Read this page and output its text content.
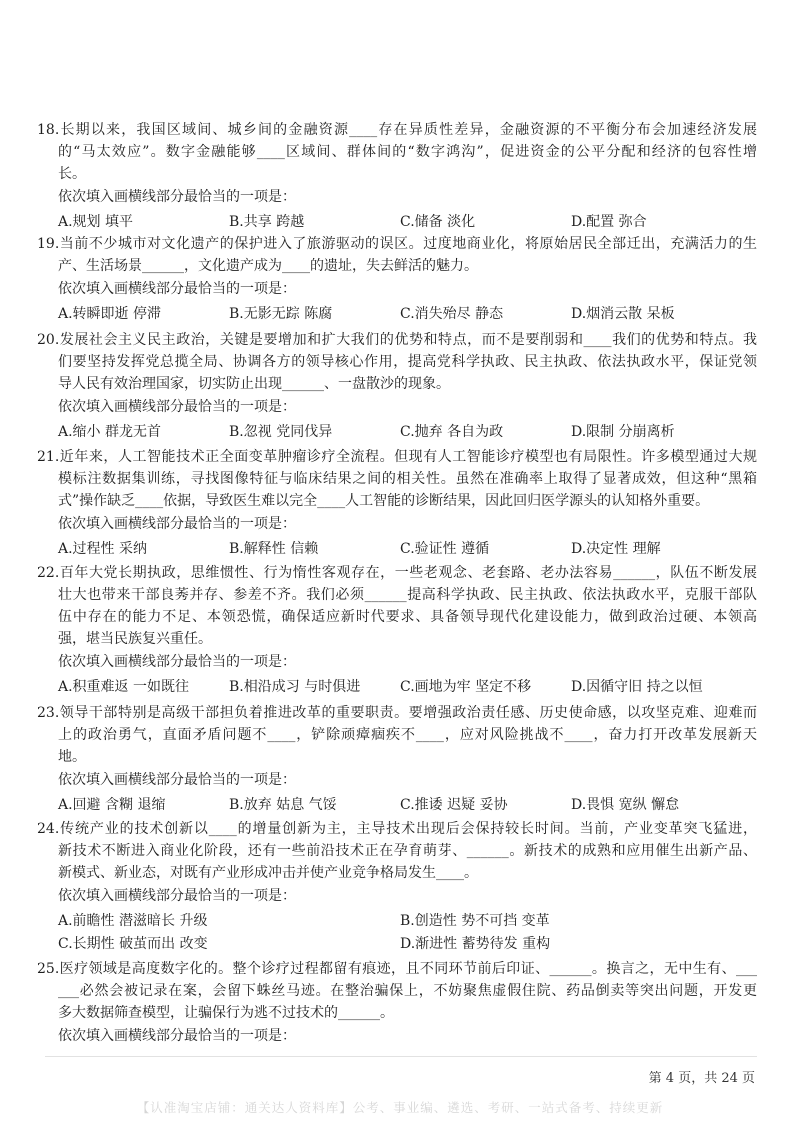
18.长期以来，我国区域间、城乡间的金融资源____存在异质性差异，金融资源的不平衡分布会加速经济发展
的“马太效应”。数字金融能够____区域间、群体间的“数字鸿沟”，促进资金的公平分配和经济的包容性增
长。
依次填入画横线部分最恰当的一项是：
A.规划 填平	B.共享 跨越	C.储备 淡化	D.配置 弥合
19.当前不少城市对文化遗产的保护进入了旅游驱动的误区。过度地商业化，将原始居民全部迁出，充满活力的生
产、生活场景______，文化遗产成为____的遗址，失去鲜活的魅力。
依次填入画横线部分最恰当的一项是：
A.转瞬即逝 停滞	B.无影无踪 陈腐	C.消失殆尽 静态	D.烟消云散 呆板
20.发展社会主义民主政治，关键是要增加和扩大我们的优势和特点，而不是要削弱和____我们的优势和特点。我
们要坚持发挥党总揽全局、协调各方的领导核心作用，提高党科学执政、民主执政、依法执政水平，保证党领
导人民有效治理国家，切实防止出现______、一盘散沙的现象。
依次填入画横线部分最恰当的一项是：
A.缩小 群龙无首	B.忽视 党同伐异	C.抛弃 各自为政	D.限制 分崩离析
21.近年来，人工智能技术正全面变革肿瘤诊疗全流程。但现有人工智能诊疗模型也有局限性。许多模型通过大规
模标注数据集训练，寻找图像特征与临床结果之间的相关性。虽然在准确率上取得了显著成效，但这种“黑箱
式”操作缺乏____依据，导致医生难以完全____人工智能的诊断结果，因此回归医学源头的认知格外重要。
依次填入画横线部分最恰当的一项是：
A.过程性 采纳	B.解释性 信赖	C.验证性 遵循	D.决定性 理解
22.百年大党长期执政，思维惯性、行为惰性客观存在，一些老观念、老套路、老办法容易______，队伍不断发展
壮大也带来干部良莠并存、参差不齐。我们必须______提高科学执政、民主执政、依法执政水平，克服干部队
伍中存在的能力不足、本领恐慌，确保适应新时代要求、具备领导现代化建设能力，做到政治过硬、本领高
强，堪当民族复兴重任。
依次填入画横线部分最恰当的一项是：
A.积重难返 一如既往	B.相沿成习 与时俱进	C.画地为牢 坚定不移	D.因循守旧 持之以恒
23.领导干部特别是高级干部担负着推进改革的重要职责。要增强政治责任感、历史使命感，以攻坚克难、迎难而
上的政治勇气，直面矛盾问题不____，铲除顽瘴痼疾不____，应对风险挑战不____，奋力打开改革发展新天
地。
依次填入画横线部分最恰当的一项是：
A.回避 含糊 退缩	B.放弃 姑息 气馁	C.推诿 迟疑 妥协	D.畏惧 宽纵 懈怠
24.传统产业的技术创新以____的增量创新为主，主导技术出现后会保持较长时间。当前，产业变革突飞猛进，
新技术不断进入商业化阶段，还有一些前沿技术正在孕育萌芽、______。新技术的成熟和应用催生出新产品、
新模式、新业态，对既有产业形成冲击并使产业竞争格局发生____。
依次填入画横线部分最恰当的一项是：
A.前瞻性 潜滋暗长 升级	B.创造性 势不可挡 变革
C.长期性 破茧而出 改变	D.渐进性 蓄势待发 重构
25.医疗领域是高度数字化的。整个诊疗过程都留有痕迹，且不同环节前后印证、______。换言之，无中生有、___
___必然会被记录在案，会留下蛛丝马迹。在整治骗保上，不妨聚焦虚假住院、药品倒卖等突出问题，开发更
多大数据筛查模型，让骗保行为逃不过技术的______。
依次填入画横线部分最恰当的一项是：
第 4 页，共 24 页
【认准淘宝店铺：通关达人资料库】公考、事业编、遴选、考研、一站式备考、持续更新
